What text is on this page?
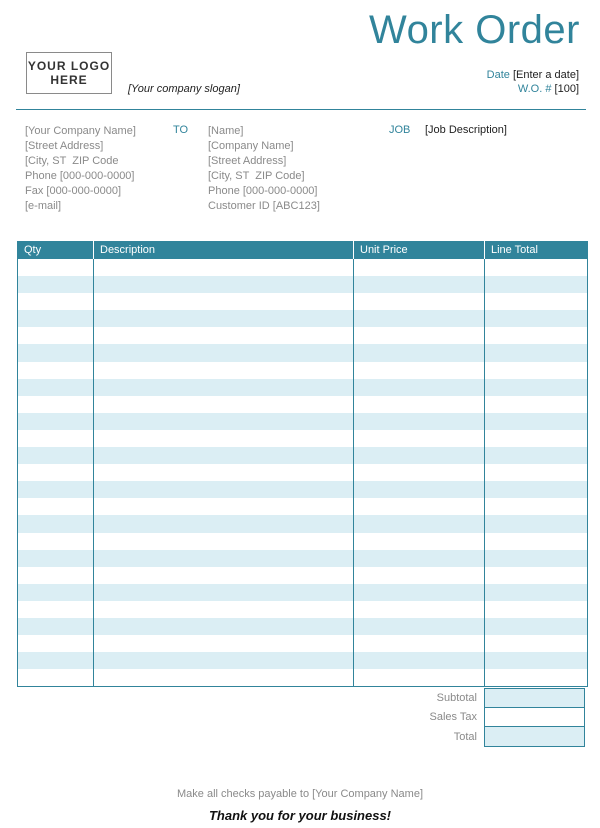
Work Order
YOUR LOGO
HERE
[Your company slogan]
Date [Enter a date]
W.O. # [100]
[Your Company Name]
[Street Address]
[City, ST  ZIP Code
Phone [000-000-0000]
Fax [000-000-0000]
[e-mail]
TO [Name]
[Company Name]
[Street Address]
[City, ST  ZIP Code]
Phone [000-000-0000]
Customer ID [ABC123]
JOB [Job Description]
Qty	Description	Unit Price	Line Total

Subtotal
Sales Tax
Total
Make all checks payable to [Your Company Name]
Thank you for your business!
